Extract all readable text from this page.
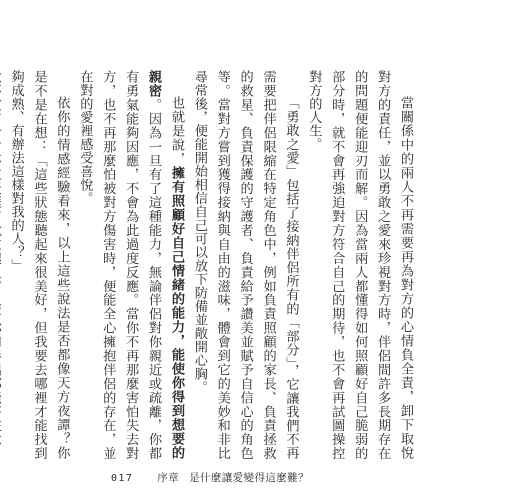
當關係中的兩人不再需要再為對方的心情負全責，卸下取悅對方的責任，並以勇敢之愛來珍視對方時，伴侶間許多長期存在的問題便能迎刃而解。因為當兩人都懂得如何照顧好自己脆弱的部分時，就不會再強迫對方符合自己的期待，也不會再試圖操控對方的人生。

「勇敢之愛」包括了接納伴侶所有的「部分」，它讓我們不再需要把伴侶限縮在特定角色中，例如負責照顧的家長、負責拯救的救星、負責保護的守護者、負責給予讚美並賦予自信心的角色等。當對方嘗到獲得接納與自由的滋味，體會到它的美妙和非比尋常後，便能開始相信自己可以放下防備並敞開心胸。

也就是說，擁有照顧好自己情緒的能力，能使你得到想要的親密。因為一旦有了這種能力，無論伴侶對你親近或疏離，你都有勇氣能夠因應，不會為此過度反應。當你不再那麼害怕失去對方，也不再那麼怕被對方傷害時，便能全心擁抱伴侶的存在，並在對的愛裡感受喜悅。

依你的情感經驗看來，以上這些說法是否都像天方夜譚？你是不是在想：「這些狀態聽起來很美好，但我要去哪裡才能找到夠成熟、有辦法這樣對我的人？」

017 序章 是什麼讓愛變得這麼難？
